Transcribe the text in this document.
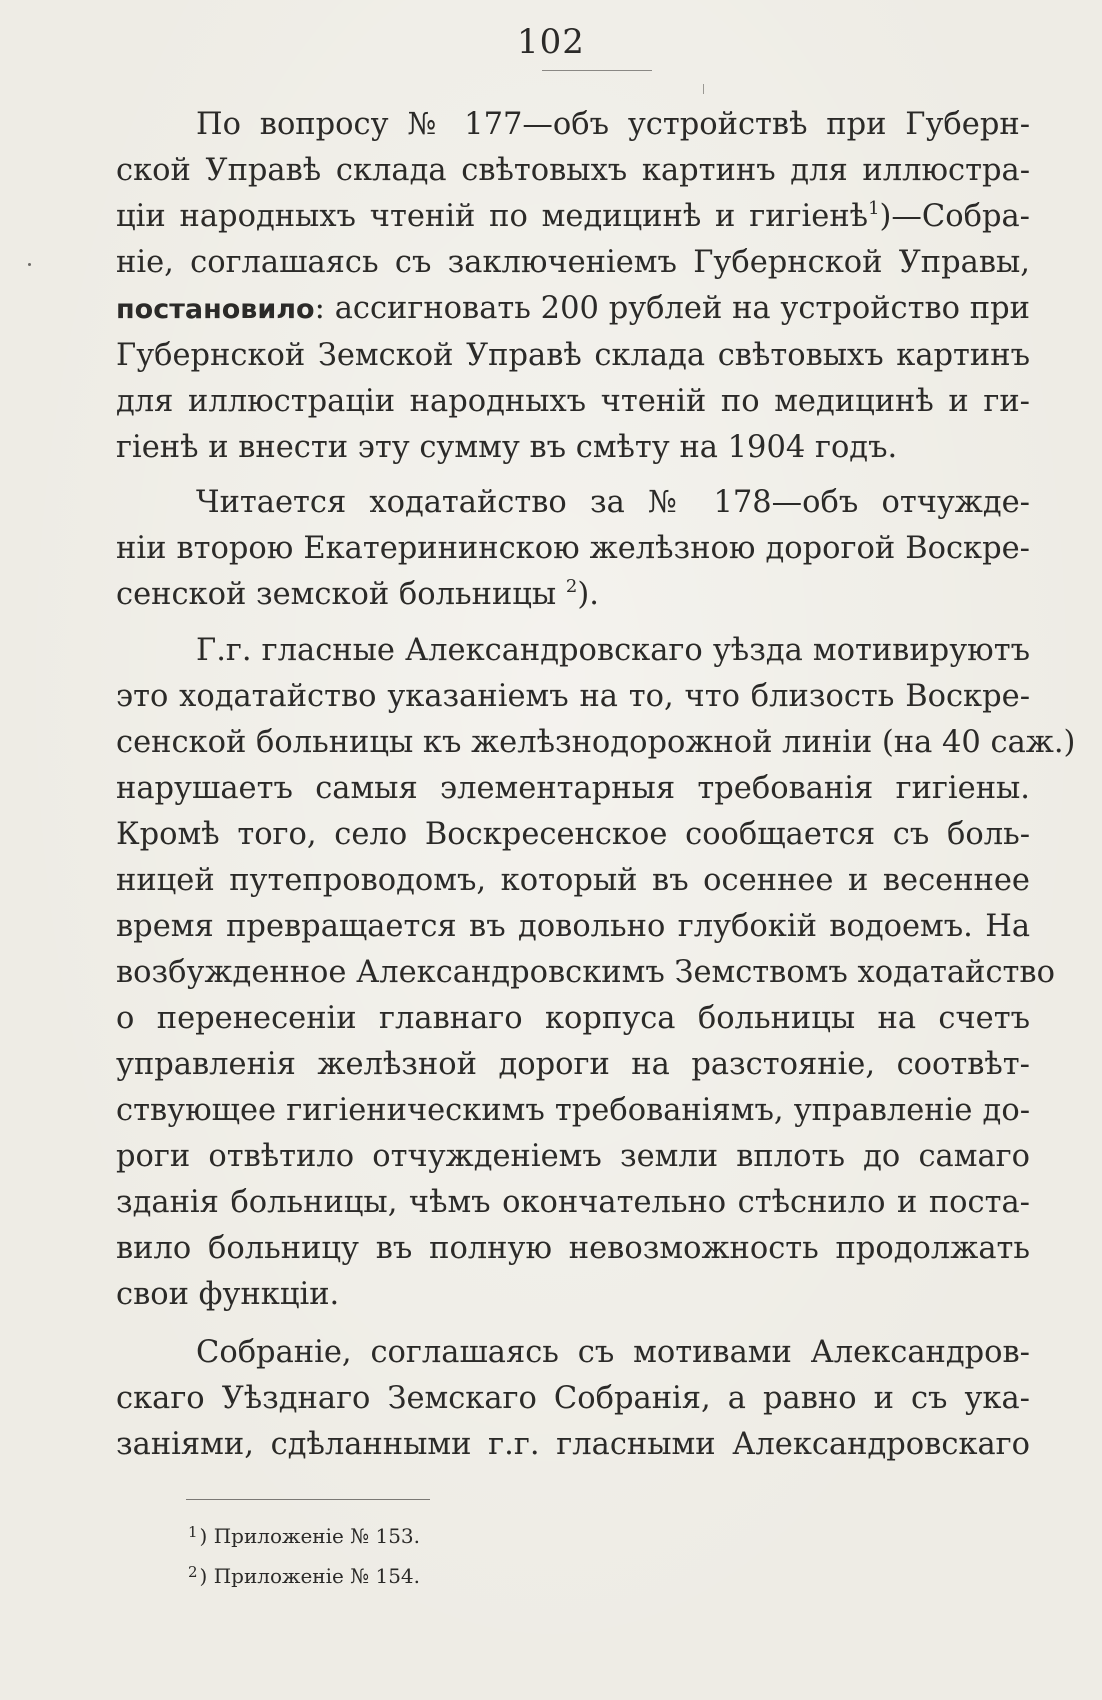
102
По вопросу № 177—объ устройствѣ при Губерн-
ской Управѣ склада свѣтовыхъ картинъ для иллюстра-
ціи народныхъ чтеній по медицинѣ и гигіенѣ$^1$)—Собра-
ніе, соглашаясь съ заключеніемъ Губернской Управы,
постановило: ассигновать 200 рублей на устройство при
Губернской Земской Управѣ склада свѣтовыхъ картинъ
для иллюстраціи народныхъ чтеній по медицинѣ и ги-
гіенѣ и внести эту сумму въ смѣту на 1904 годъ.
Читается ходатайство за № 178—объ отчужде-
ніи второю Екатерининскою желѣзною дорогой Воскре-
сенской земской больницы $^2$).
Г.г. гласные Александровскаго уѣзда мотивируютъ
это ходатайство указаніемъ на то, что близость Воскре-
сенской больницы къ желѣзнодорожной линіи (на 40 саж.)
нарушаетъ самыя элементарныя требованія гигіены.
Кромѣ того, село Воскресенское сообщается съ боль-
ницей путепроводомъ, который въ осеннее и весеннее
время превращается въ довольно глубокій водоемъ. На
возбужденное Александровскимъ Земствомъ ходатайство
о перенесеніи главнаго корпуса больницы на счетъ
управленія желѣзной дороги на разстояніе, соотвѣт-
ствующее гигіеническимъ требованіямъ, управленіе до-
роги отвѣтило отчужденіемъ земли вплоть до самаго
зданія больницы, чѣмъ окончательно стѣснило и поста-
вило больницу въ полную невозможность продолжать
свои функціи.
Собраніе, соглашаясь съ мотивами Александров-
скаго Уѣзднаго Земскаго Собранія, а равно и съ ука-
заніями, сдѣланными г.г. гласными Александровскаго
$^1$ ) Приложеніе № 153.
$^2$ ) Приложеніе № 154.
